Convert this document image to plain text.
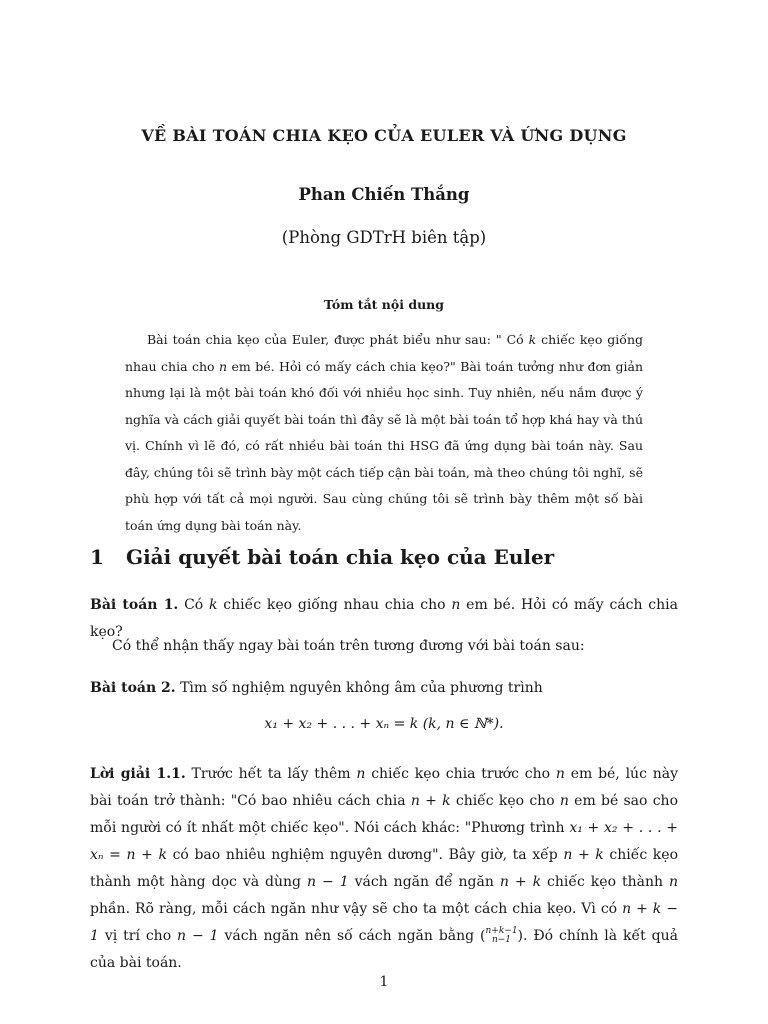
VỀ BÀI TOÁN CHIA KẸO CỦA EULER VÀ ỨNG DỤNG
Phan Chiến Thắng
(Phòng GDTrH biên tập)
Tóm tắt nội dung
Bài toán chia kẹo của Euler, được phát biểu như sau: " Có k chiếc kẹo giống nhau chia cho n em bé. Hỏi có mấy cách chia kẹo?" Bài toán tưởng như đơn giản nhưng lại là một bài toán khó đối với nhiều học sinh. Tuy nhiên, nếu nắm được ý nghĩa và cách giải quyết bài toán thì đây sẽ là một bài toán tổ hợp khá hay và thú vị. Chính vì lẽ đó, có rất nhiều bài toán thi HSG đã ứng dụng bài toán này. Sau đây, chúng tôi sẽ trình bày một cách tiếp cận bài toán, mà theo chúng tôi nghĩ, sẽ phù hợp với tất cả mọi người. Sau cùng chúng tôi sẽ trình bày thêm một số bài toán ứng dụng bài toán này.
1 Giải quyết bài toán chia kẹo của Euler
Bài toán 1. Có k chiếc kẹo giống nhau chia cho n em bé. Hỏi có mấy cách chia kẹo?
Có thể nhận thấy ngay bài toán trên tương đương với bài toán sau:
Bài toán 2. Tìm số nghiệm nguyên không âm của phương trình
x₁ + x₂ + . . . + xₙ = k (k, n ∈ ℕ*).
Lời giải 1.1. Trước hết ta lấy thêm n chiếc kẹo chia trước cho n em bé, lúc này bài toán trở thành: "Có bao nhiêu cách chia n + k chiếc kẹo cho n em bé sao cho mỗi người có ít nhất một chiếc kẹo". Nói cách khác: "Phương trình x₁ + x₂ + . . . + xₙ = n + k có bao nhiêu nghiệm nguyên dương". Bây giờ, ta xếp n + k chiếc kẹo thành một hàng dọc và dùng n − 1 vách ngăn để ngăn n + k chiếc kẹo thành n phần. Rõ ràng, mỗi cách ngăn như vậy sẽ cho ta một cách chia kẹo. Vì có n + k − 1 vị trí cho n − 1 vách ngăn nên số cách ngăn bằng (n+k−1
n−1 ). Đó chính là kết quả của bài toán.
1
